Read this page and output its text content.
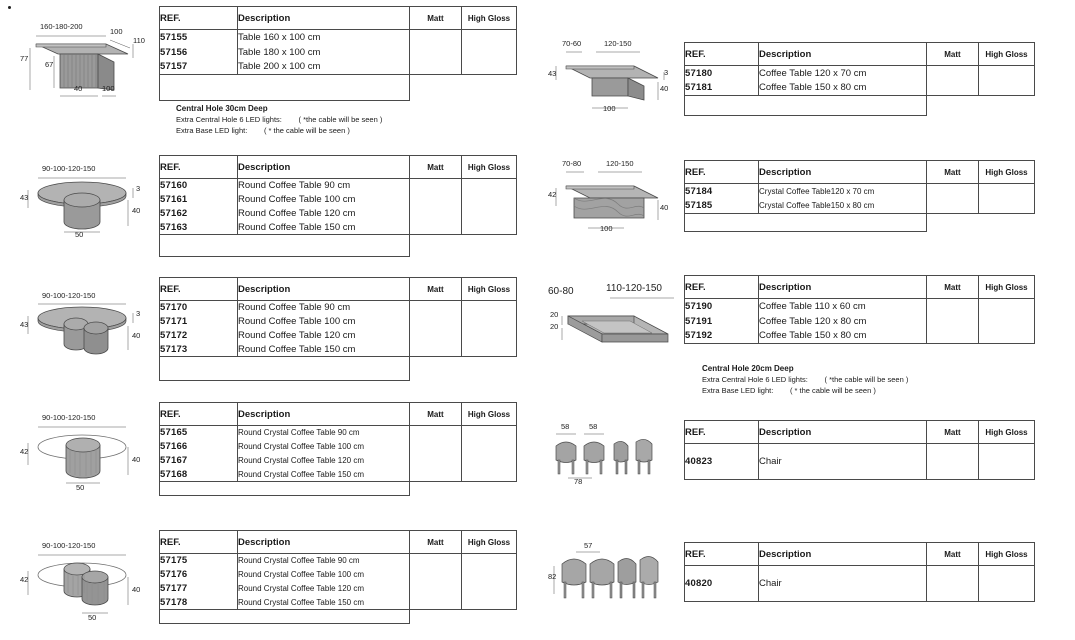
160-180-200
100
110
77
67
40	100
REF.	Description	Matt	High Gloss
57155	Table 160 x 100 cm		
57156	Table 180 x 100 cm		
57157	Table 200 x 100 cm		

Central Hole 30cm Deep
Extra Central Hole 6 LED lights:        ( *the cable will be seen )
Extra Base LED light:        ( * the cable will be seen )
90-100-120-150
3
43
40
50
REF.	Description	Matt	High Gloss
57160	Round Coffee Table 90 cm		
57161	Round Coffee Table 100 cm		
57162	Round Coffee Table 120 cm		
57163	Round Coffee Table 150 cm		

90-100-120-150
3
43
40
REF.	Description	Matt	High Gloss
57170	Round Coffee Table 90 cm		
57171	Round Coffee Table 100 cm		
57172	Round Coffee Table 120 cm		
57173	Round Coffee Table 150 cm		

90-100-120-150
42
40
50
REF.	Description	Matt	High Gloss
57165	Round Crystal Coffee Table 90 cm		
57166	Round Crystal Coffee Table 100 cm		
57167	Round Crystal Coffee Table 120 cm		
57168	Round Crystal Coffee Table 150 cm		

90-100-120-150
42
40
50
REF.	Description	Matt	High Gloss
57175	Round Crystal Coffee Table 90 cm		
57176	Round Crystal Coffee Table 100 cm		
57177	Round Crystal Coffee Table 120 cm		
57178	Round Crystal Coffee Table 150 cm		

70-60	120-150
43	3
40
100
REF.	Description	Matt	High Gloss
57180	Coffee Table 120 x 70 cm		
57181	Coffee Table 150 x 80 cm		

70-80	120-150
42
40
100
REF.	Description	Matt	High Gloss
57184	Crystal Coffee Table120 x 70 cm		
57185	Crystal Coffee Table150 x 80 cm		

60-80	110-120-150
20
20
REF.	Description	Matt	High Gloss
57190	Coffee Table 110 x 60 cm		
57191	Coffee Table 120 x 80 cm		
57192	Coffee Table 150 x 80 cm		
Central Hole 20cm Deep
Extra Central Hole 6 LED lights:        ( *the cable will be seen )
Extra Base LED light:        ( * the cable will be seen )
58	58
78
REF.	Description	Matt	High Gloss
40823	Chair		
57
82
REF.	Description	Matt	High Gloss
40820	Chair		
